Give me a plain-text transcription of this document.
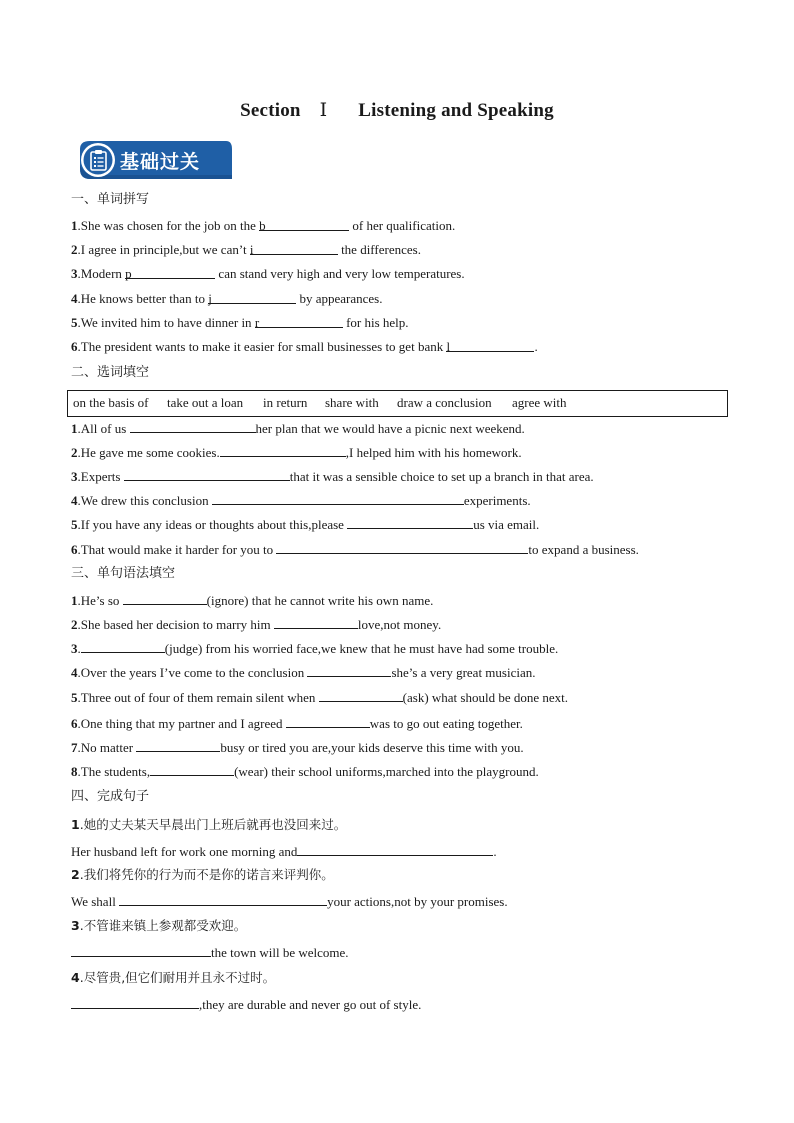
Section Ⅰ Listening and Speaking
基础过关
一、单词拼写
1.She was chosen for the job on the b	of her qualification.
2.I agree in principle,but we can’t i	the differences.
3.Modern p	can stand very high and very low temperatures.
4.He knows better than to j	by appearances.
5.We invited him to have dinner in r	for his help.
6.The president wants to make it easier for small businesses to get bank l	.
二、选词填空
on the basis of take out a loan in return share with draw a conclusion agree with
1.All of us	her plan that we would have a picnic next weekend.
2.He gave me some cookies.	,I helped him with his homework.
3.Experts	that it was a sensible choice to set up a branch in that area.
4.We drew this conclusion	experiments.
5.If you have any ideas or thoughts about this,please	us via email.
6.That would make it harder for you to	to expand a business.
三、单句语法填空
1.He’s so	(ignore) that he cannot write his own name.
2.She based her decision to marry him	love,not money.
3.	(judge) from his worried face,we knew that he must have had some trouble.
4.Over the years I’ve come to the conclusion	she’s a very great musician.
5.Three out of four of them remain silent when	(ask) what should be done next.
6.One thing that my partner and I agreed	was to go out eating together.
7.No matter	busy or tired you are,your kids deserve this time with you.
8.The students,	(wear) their school uniforms,marched into the playground.
四、完成句子
1.她的丈夫某天早晨出门上班后就再也没回来过。
Her husband left for work one morning and	.
2.我们将凭你的行为而不是你的诺言来评判你。
We shall	your actions,not by your promises.
3.不管谁来镇上参观都受欢迎。
the town will be welcome.
4.尽管贵,但它们耐用并且永不过时。
,they are durable and never go out of style.
